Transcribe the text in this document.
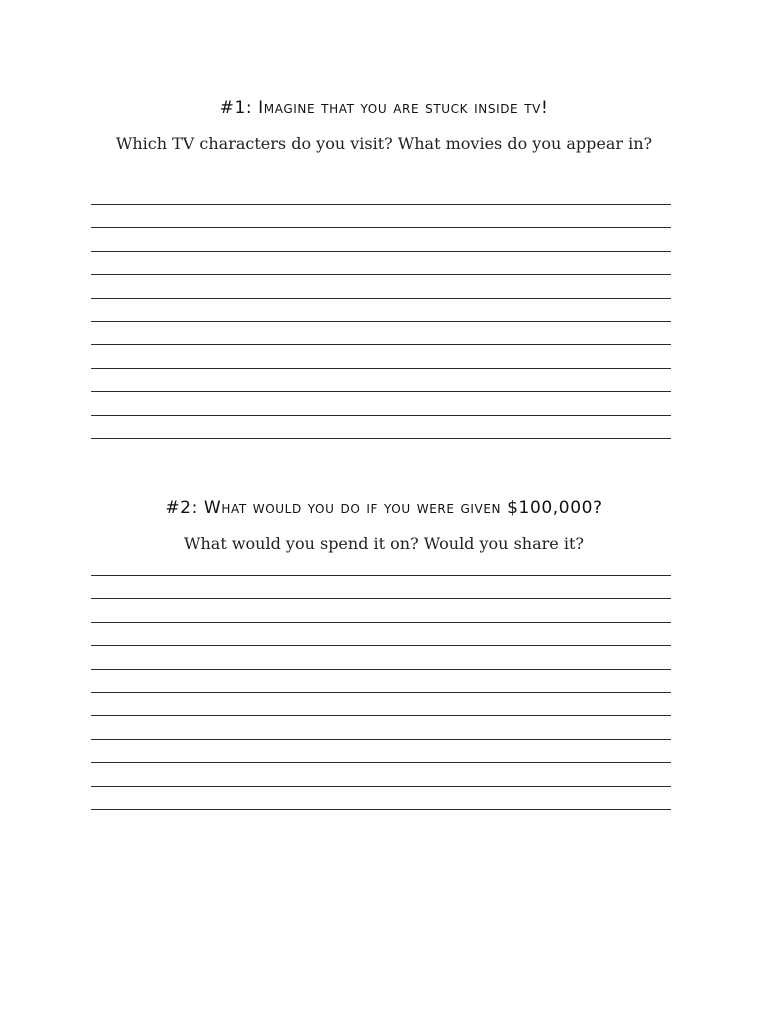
#1: Imagine that you are stuck inside tv!
Which TV characters do you visit? What movies do you appear in?
#2: What would you do if you were given $100,000?
What would you spend it on? Would you share it?
